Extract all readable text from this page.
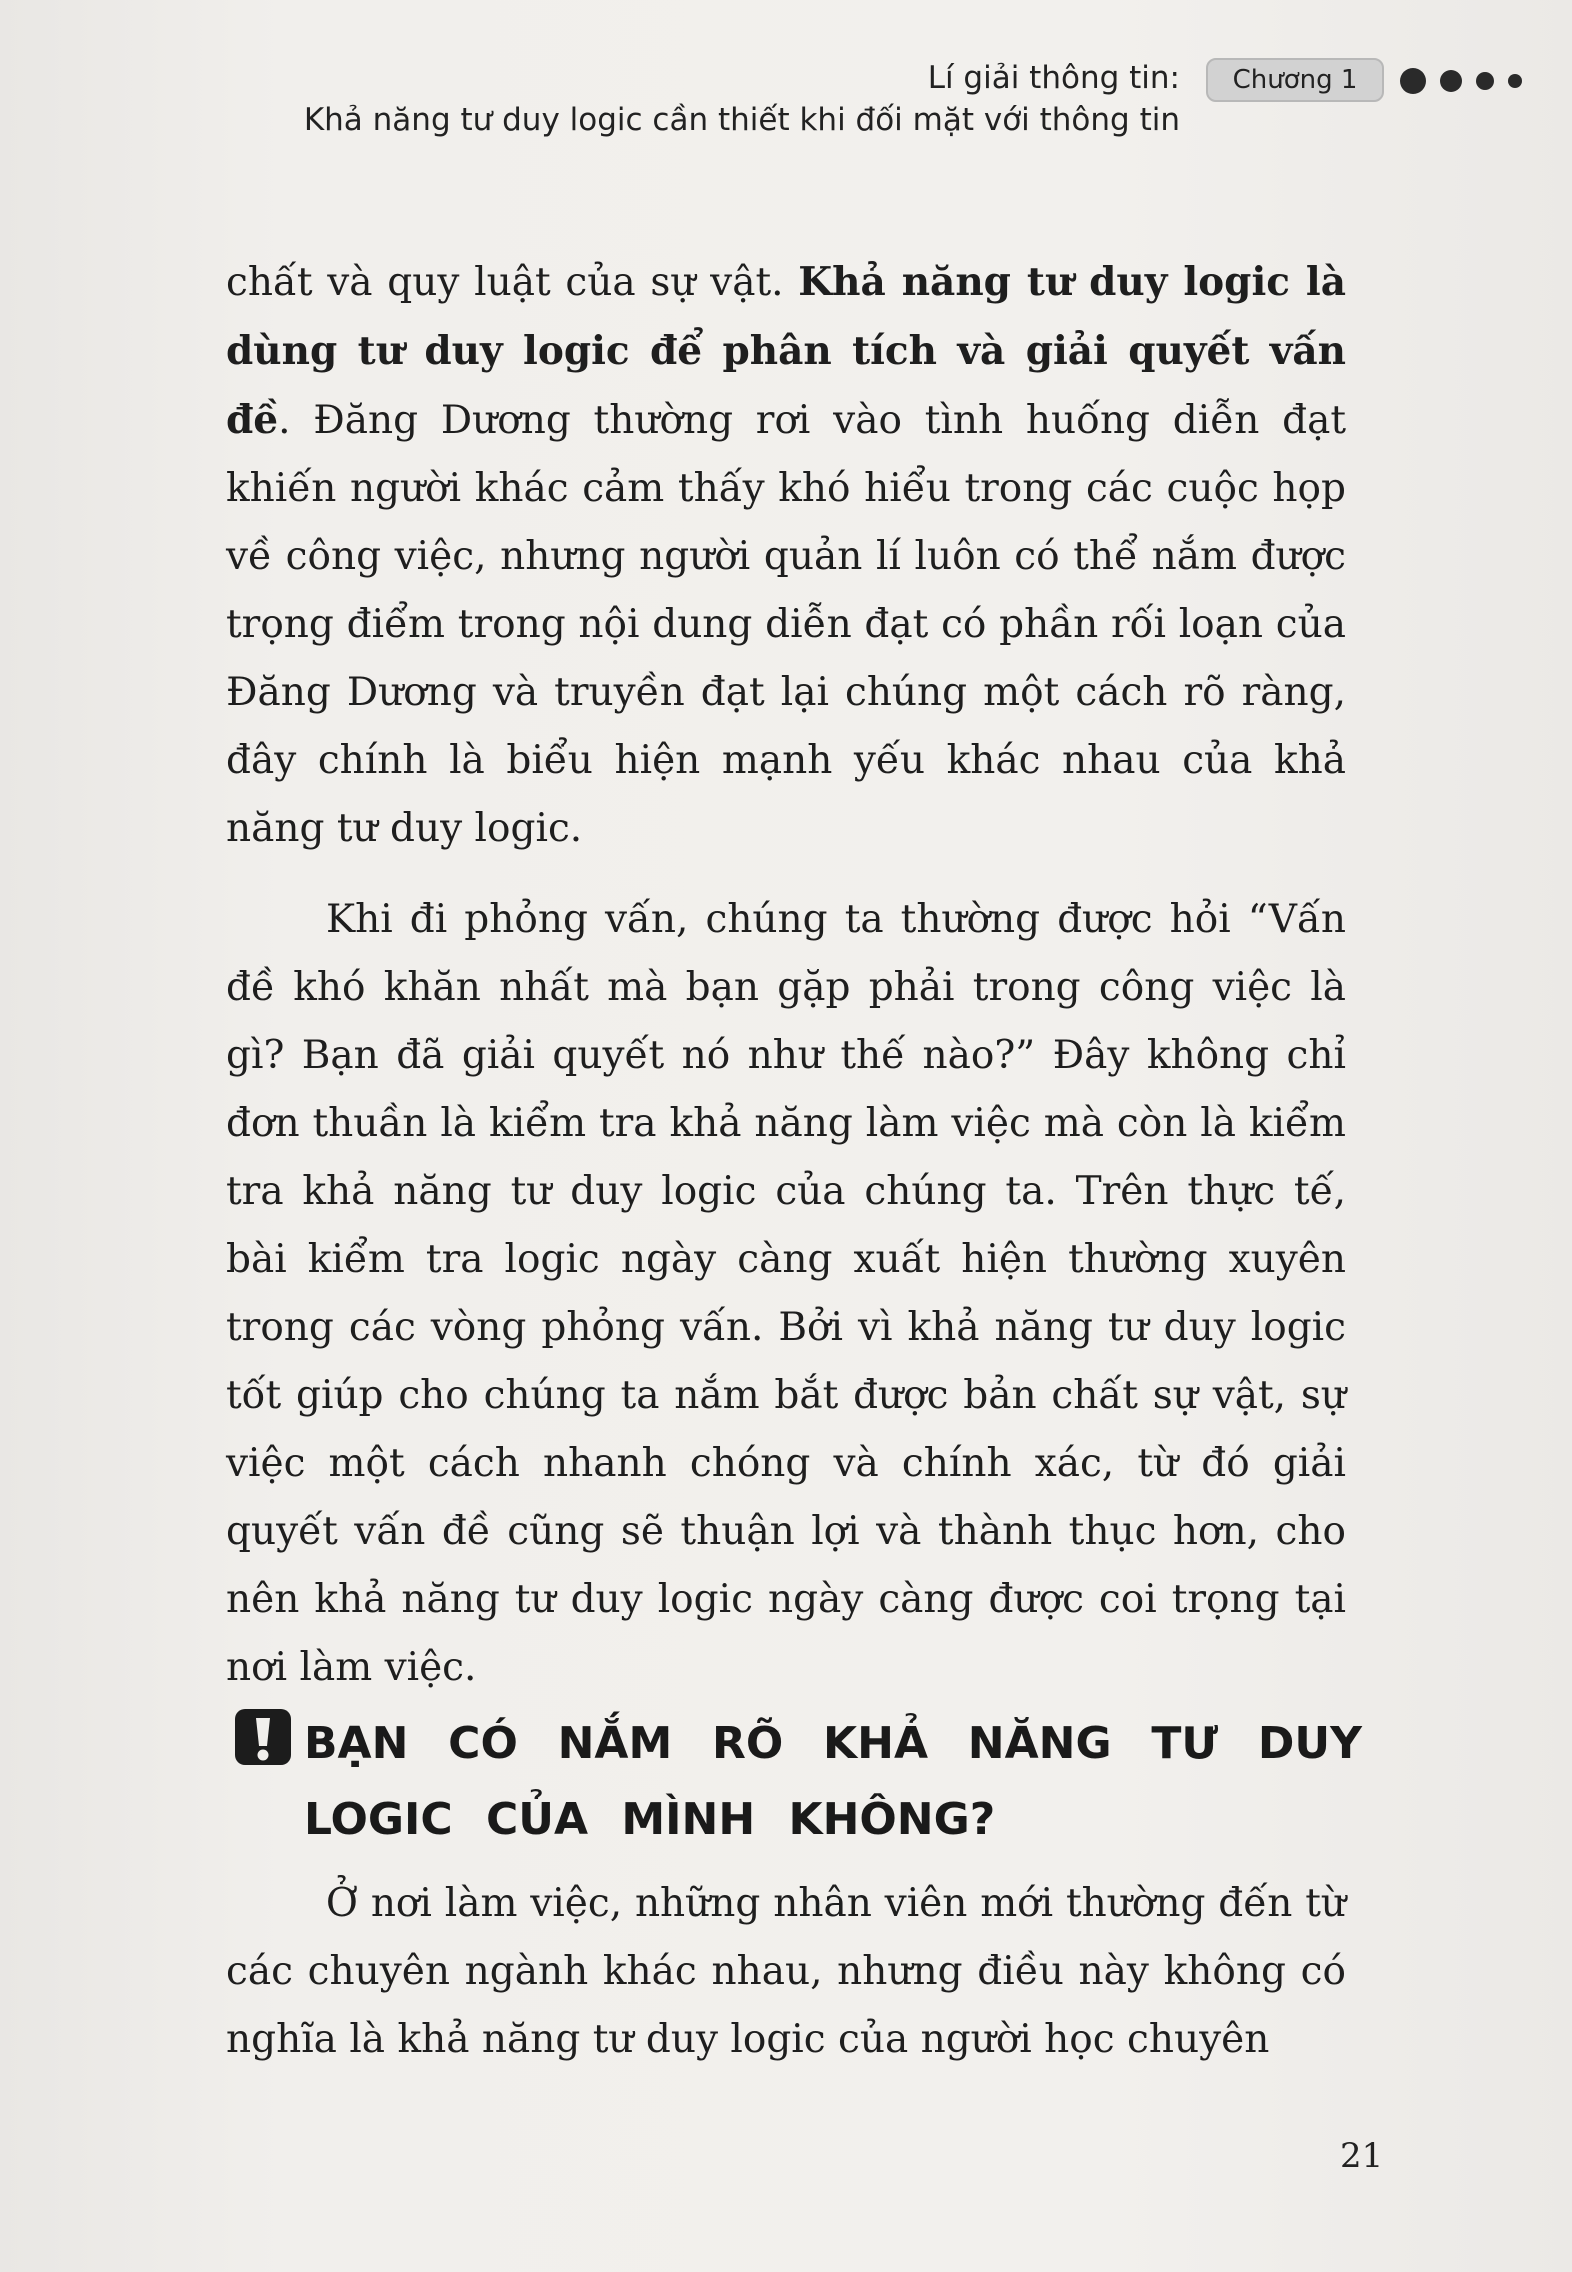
Lí giải thông tin:	Chương 1
Khả năng tư duy logic cần thiết khi đối mặt với thông tin

chất và quy luật của sự vật. Khả năng tư duy logic là dùng tư duy logic để phân tích và giải quyết vấn đề. Đăng Dương thường rơi vào tình huống diễn đạt khiến người khác cảm thấy khó hiểu trong các cuộc họp về công việc, nhưng người quản lí luôn có thể nắm được trọng điểm trong nội dung diễn đạt có phần rối loạn của Đăng Dương và truyền đạt lại chúng một cách rõ ràng, đây chính là biểu hiện mạnh yếu khác nhau của khả năng tư duy logic.

Khi đi phỏng vấn, chúng ta thường được hỏi “Vấn đề khó khăn nhất mà bạn gặp phải trong công việc là gì? Bạn đã giải quyết nó như thế nào?” Đây không chỉ đơn thuần là kiểm tra khả năng làm việc mà còn là kiểm tra khả năng tư duy logic của chúng ta. Trên thực tế, bài kiểm tra logic ngày càng xuất hiện thường xuyên trong các vòng phỏng vấn. Bởi vì khả năng tư duy logic tốt giúp cho chúng ta nắm bắt được bản chất sự vật, sự việc một cách nhanh chóng và chính xác, từ đó giải quyết vấn đề cũng sẽ thuận lợi và thành thục hơn, cho nên khả năng tư duy logic ngày càng được coi trọng tại nơi làm việc.

BẠN CÓ NẮM RÕ KHẢ NĂNG TƯ DUY LOGIC CỦA MÌNH KHÔNG?

Ở nơi làm việc, những nhân viên mới thường đến từ các chuyên ngành khác nhau, nhưng điều này không có nghĩa là khả năng tư duy logic của người học chuyên

21
